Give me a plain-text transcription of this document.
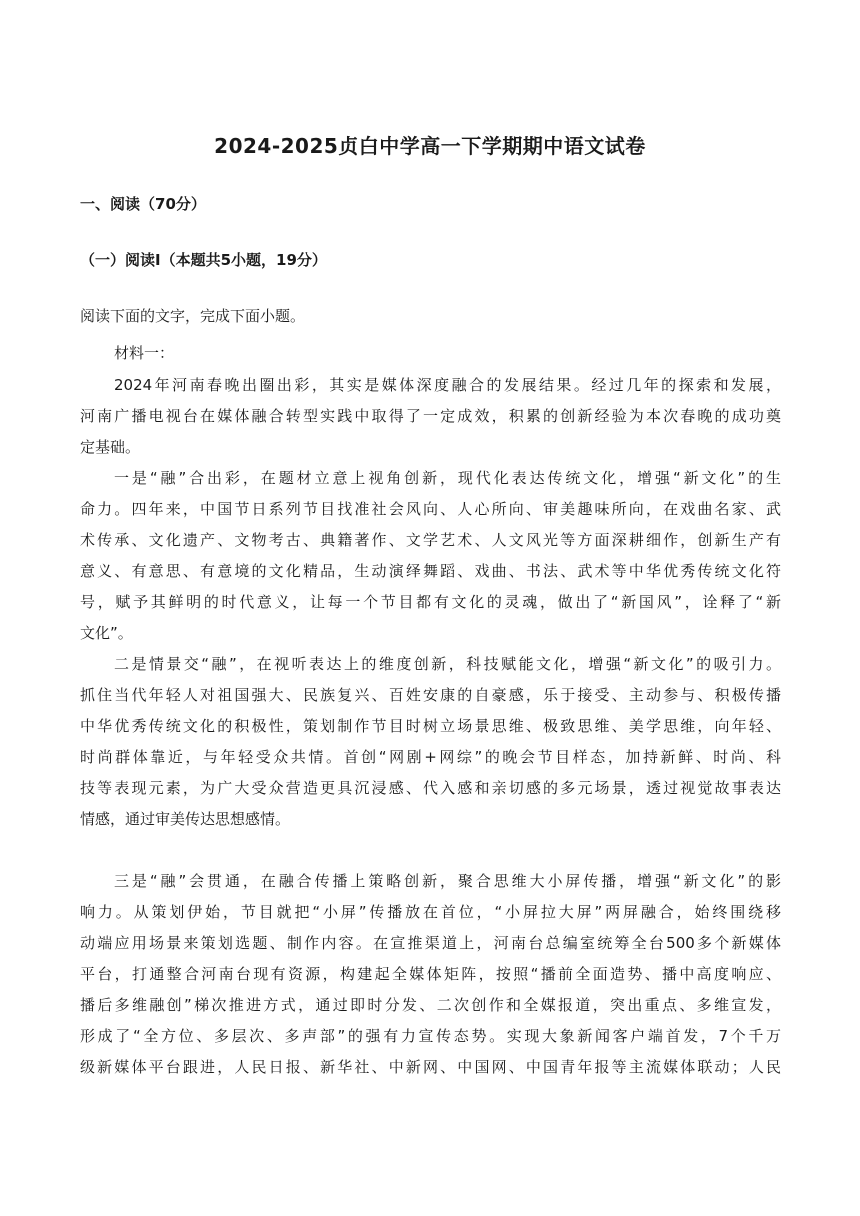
2024-2025贞白中学高一下学期期中语文试卷
一、阅读（70分）
（一）阅读Ⅰ（本题共5小题，19分）
阅读下面的文字，完成下面小题。
材料一：
2024年河南春晚出圈出彩，其实是媒体深度融合的发展结果。经过几年的探索和发展，
河南广播电视台在媒体融合转型实践中取得了一定成效，积累的创新经验为本次春晚的成功奠
定基础。
一是“融”合出彩，在题材立意上视角创新，现代化表达传统文化，增强“新文化”的生
命力。四年来，中国节日系列节目找准社会风向、人心所向、审美趣味所向，在戏曲名家、武
术传承、文化遗产、文物考古、典籍著作、文学艺术、人文风光等方面深耕细作，创新生产有
意义、有意思、有意境的文化精品，生动演绎舞蹈、戏曲、书法、武术等中华优秀传统文化符
号，赋予其鲜明的时代意义，让每一个节目都有文化的灵魂，做出了“新国风”，诠释了“新
文化”。
二是情景交“融”，在视听表达上的维度创新，科技赋能文化，增强“新文化”的吸引力。
抓住当代年轻人对祖国强大、民族复兴、百姓安康的自豪感，乐于接受、主动参与、积极传播
中华优秀传统文化的积极性，策划制作节目时树立场景思维、极致思维、美学思维，向年轻、
时尚群体靠近，与年轻受众共情。首创“网剧+网综”的晚会节目样态，加持新鲜、时尚、科
技等表现元素，为广大受众营造更具沉浸感、代入感和亲切感的多元场景，透过视觉故事表达
情感，通过审美传达思想感情。
三是“融”会贯通，在融合传播上策略创新，聚合思维大小屏传播，增强“新文化”的影
响力。从策划伊始，节目就把“小屏”传播放在首位，“小屏拉大屏”两屏融合，始终围绕移
动端应用场景来策划选题、制作内容。在宣推渠道上，河南台总编室统筹全台500多个新媒体
平台，打通整合河南台现有资源，构建起全媒体矩阵，按照“播前全面造势、播中高度响应、
播后多维融创”梯次推进方式，通过即时分发、二次创作和全媒报道，突出重点、多维宣发，
形成了“全方位、多层次、多声部”的强有力宣传态势。实现大象新闻客户端首发，7个千万
级新媒体平台跟进，人民日报、新华社、中新网、中国网、中国青年报等主流媒体联动；人民
